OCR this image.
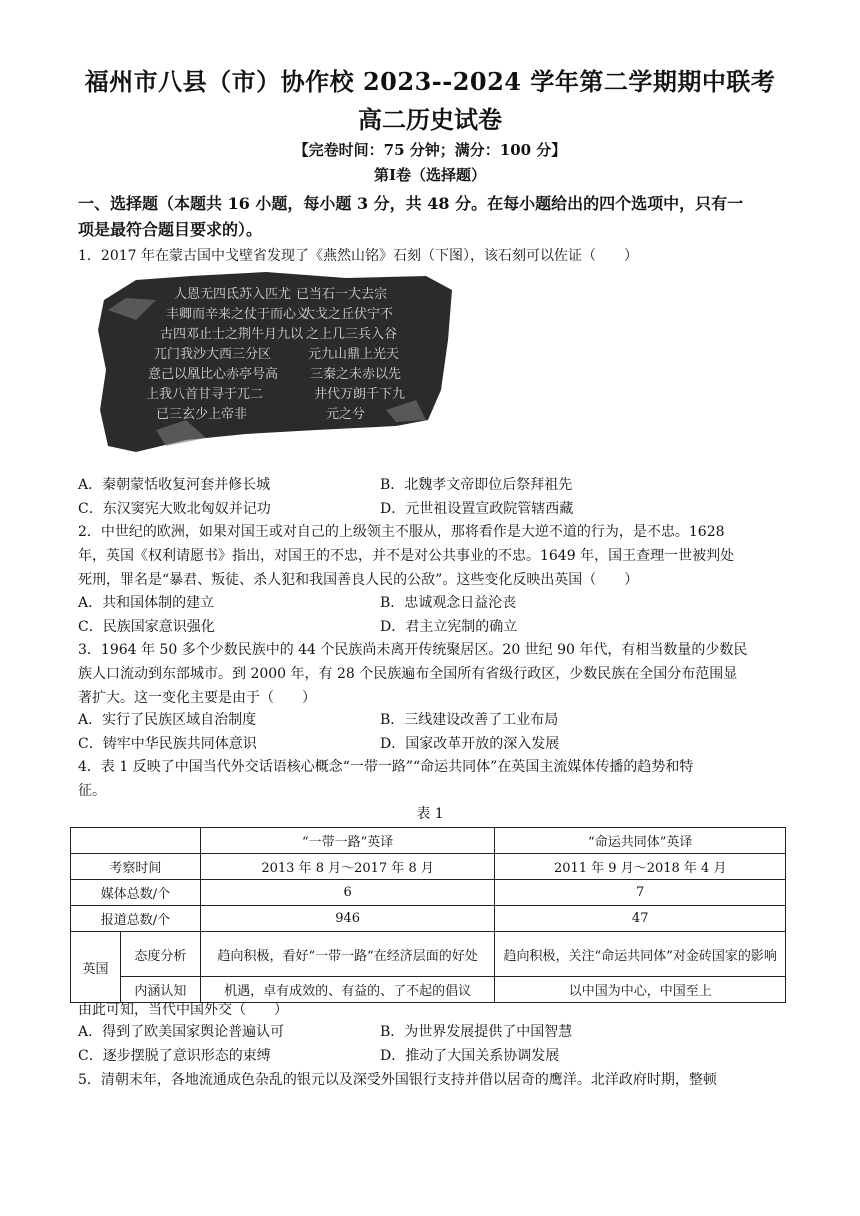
福州市八县（市）协作校 2023--2024 学年第二学期期中联考
高二历史试卷
【完卷时间：75 分钟；满分：100 分】
第Ⅰ卷（选择题）
一、选择题（本题共 16 小题，每小题 3 分，共 48 分。在每小题给出的四个选项中，只有一
项是最符合题目要求的）。
1．2017 年在蒙古国中戈壁省发现了《燕然山铭》石刻（下图），该石刻可以佐证（　　）
人恩无四氐苏入匹尤
丰卿而辛来之仗于而心义
古四邓止士之荆牛月九以
兀门我沙大西三分区
意己以凰比心赤亭号高
上我八首甘寻于兀二
已三玄少上帝非
已当石一大去宗
大戈之丘伏宁不
之上几三兵入谷
元九山鼎上光天
三秦之未赤以先
井代万朗千下九
元之兮
A．秦朝蒙恬收复河套并修长城	B．北魏孝文帝即位后祭拜祖先
C．东汉窦宪大败北匈奴并记功	D．元世祖设置宣政院管辖西藏
2．中世纪的欧洲，如果对国王或对自己的上级领主不服从，那将看作是大逆不道的行为，是不忠。1628
年，英国《权利请愿书》指出，对国王的不忠，并不是对公共事业的不忠。1649 年，国王查理一世被判处
死刑，罪名是“暴君、叛徒、杀人犯和我国善良人民的公敌”。这些变化反映出英国（　　）
A．共和国体制的建立	B．忠诚观念日益沦丧
C．民族国家意识强化	D．君主立宪制的确立
3．1964 年 50 多个少数民族中的 44 个民族尚未离开传统聚居区。20 世纪 90 年代，有相当数量的少数民
族人口流动到东部城市。到 2000 年，有 28 个民族遍布全国所有省级行政区，少数民族在全国分布范围显
著扩大。这一变化主要是由于（　　）
A．实行了民族区域自治制度	B．三线建设改善了工业布局
C．铸牢中华民族共同体意识	D．国家改革开放的深入发展
4．表 1 反映了中国当代外交话语核心概念“一带一路”“命运共同体”在英国主流媒体传播的趋势和特
征。
表 1
		“一带一路”英译	“命运共同体”英译
考察时间		2013 年 8 月～2017 年 8 月	2011 年 9 月～2018 年 4 月
媒体总数/个		6	7
报道总数/个		946	47
英国	态度分析	趋向积极，看好“一带一路”在经济层面的好处	趋向积极，关注“命运共同体”对金砖国家的影响
	内涵认知	机遇，卓有成效的、有益的、了不起的倡议	以中国为中心，中国至上
由此可知，当代中国外交（　　）
A．得到了欧美国家舆论普遍认可	B．为世界发展提供了中国智慧
C．逐步摆脱了意识形态的束缚	D．推动了大国关系协调发展
5．清朝末年，各地流通成色杂乱的银元以及深受外国银行支持并借以居奇的鹰洋。北洋政府时期，整顿
